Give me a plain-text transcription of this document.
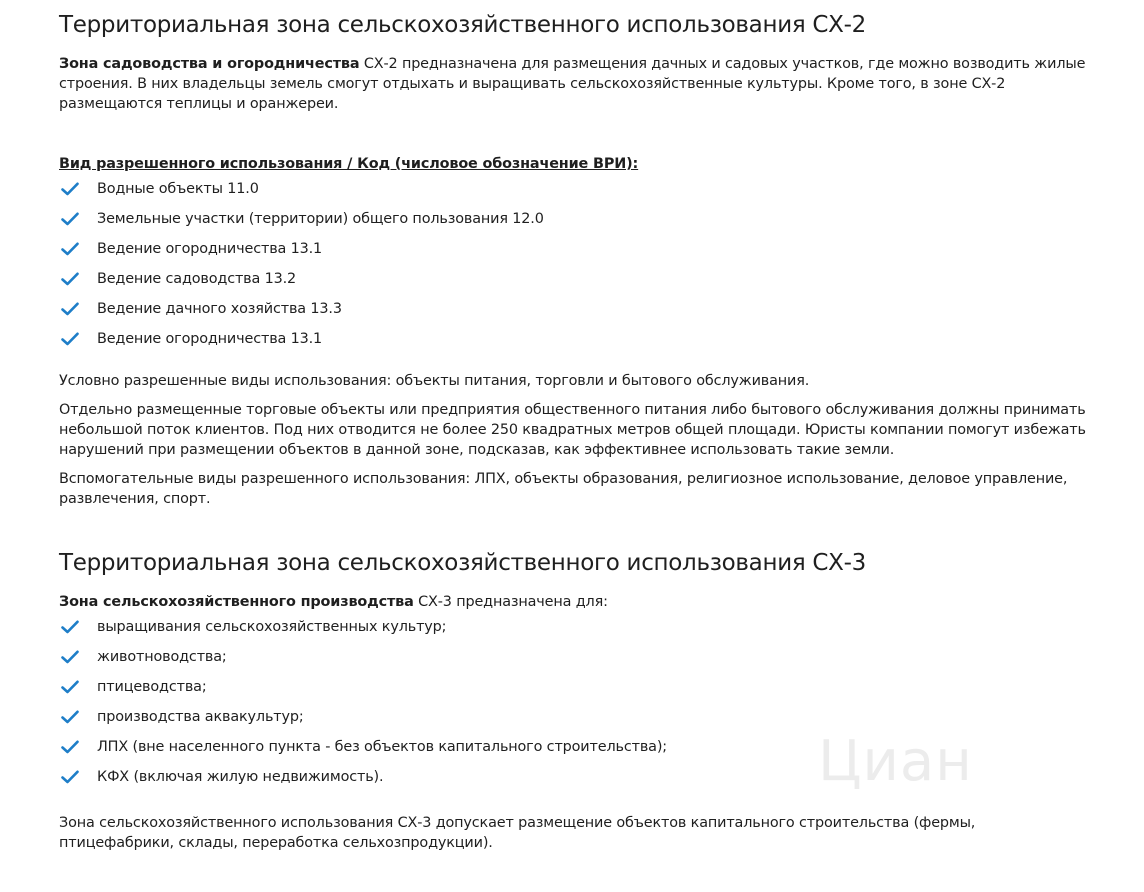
Территориальная зона сельскохозяйственного использования СХ-2

Зона садоводства и огородничества СХ-2 предназначена для размещения дачных и садовых участков, где можно возводить жилые строения. В них владельцы земель смогут отдыхать и выращивать сельскохозяйственные культуры. Кроме того, в зоне СХ-2 размещаются теплицы и оранжереи.

Вид разрешенного использования / Код (числовое обозначение ВРИ):
Водные объекты 11.0
Земельные участки (территории) общего пользования 12.0
Ведение огородничества 13.1
Ведение садоводства 13.2
Ведение дачного хозяйства 13.3
Ведение огородничества 13.1

Условно разрешенные виды использования: объекты питания, торговли и бытового обслуживания.

Отдельно размещенные торговые объекты или предприятия общественного питания либо бытового обслуживания должны принимать небольшой поток клиентов. Под них отводится не более 250 квадратных метров общей площади. Юристы компании помогут избежать нарушений при размещении объектов в данной зоне, подсказав, как эффективнее использовать такие земли.

Вспомогательные виды разрешенного использования: ЛПХ, объекты образования, религиозное использование, деловое управление, развлечения, спорт.

Территориальная зона сельскохозяйственного использования СХ-3

Зона сельскохозяйственного производства СХ-3 предназначена для:

выращивания сельскохозяйственных культур;
животноводства;
птицеводства;
производства аквакультур;
ЛПХ (вне населенного пункта - без объектов капитального строительства);
КФХ (включая жилую недвижимость).

Зона сельскохозяйственного использования СХ-3 допускает размещение объектов капитального строительства (фермы, птицефабрики, склады, переработка сельхозпродукции).

Циан
